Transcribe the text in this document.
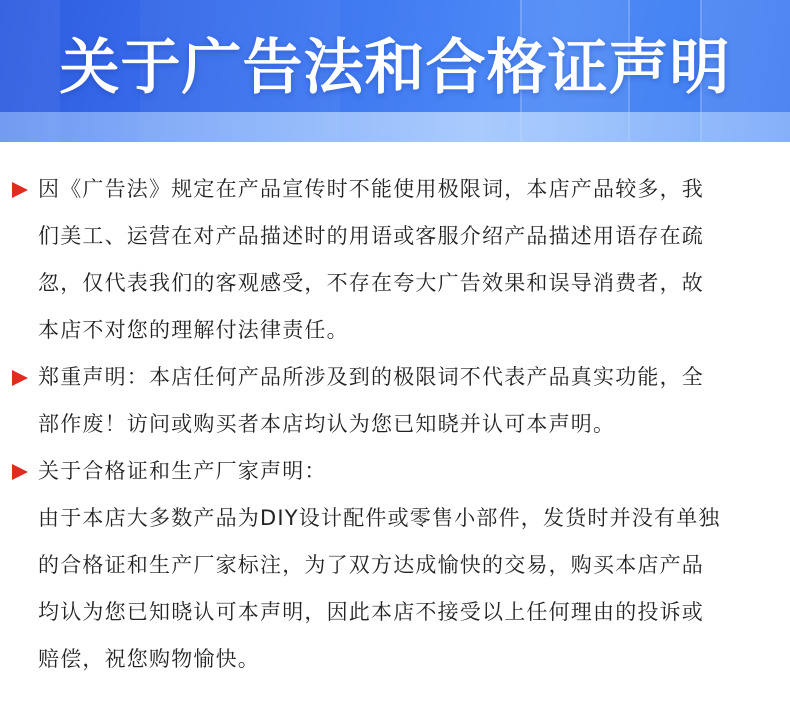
关于广告法和合格证声明
因《广告法》规定在产品宣传时不能使用极限词，本店产品较多，我
们美工、运营在对产品描述时的用语或客服介绍产品描述用语存在疏
忽，仅代表我们的客观感受，不存在夸大广告效果和误导消费者，故
本店不对您的理解付法律责任。
郑重声明：本店任何产品所涉及到的极限词不代表产品真实功能，全
部作废！访问或购买者本店均认为您已知晓并认可本声明。
关于合格证和生产厂家声明：
由于本店大多数产品为DIY设计配件或零售小部件，发货时并没有单独
的合格证和生产厂家标注，为了双方达成愉快的交易，购买本店产品
均认为您已知晓认可本声明，因此本店不接受以上任何理由的投诉或
赔偿，祝您购物愉快。
